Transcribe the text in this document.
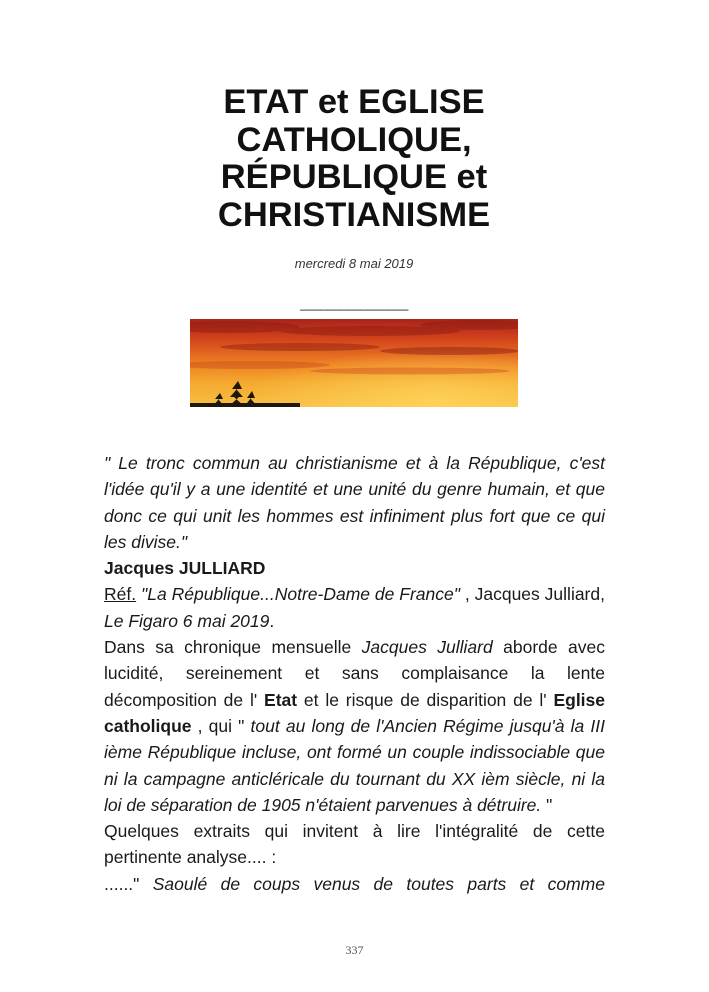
ETAT et EGLISE
CATHOLIQUE,
RÉPUBLIQUE et
CHRISTIANISME
mercredi 8 mai 2019
________________

" Le tronc commun au christianisme et à la République, c'est l'idée qu'il y a une identité et une unité du genre humain, et que donc ce qui unit les hommes est infiniment plus fort que ce qui les divise."

Jacques JULLIARD

Réf. "La République...Notre-Dame de France" , Jacques Julliard, Le Figaro 6 mai 2019.

Dans sa chronique mensuelle Jacques Julliard aborde avec lucidité, sereinement et sans complaisance la lente décomposition de l' Etat et le risque de disparition de l' Eglise catholique , qui " tout au long de l'Ancien Régime jusqu'à la III ième République incluse, ont formé un couple indissociable que ni la campagne anticléricale du tournant du XX ièm siècle, ni la loi de séparation de 1905 n'étaient parvenues à détruire. "

Quelques extraits qui invitent à lire l'intégralité de cette pertinente analyse.... :

......" Saoulé de coups venus de toutes parts et comme

337
